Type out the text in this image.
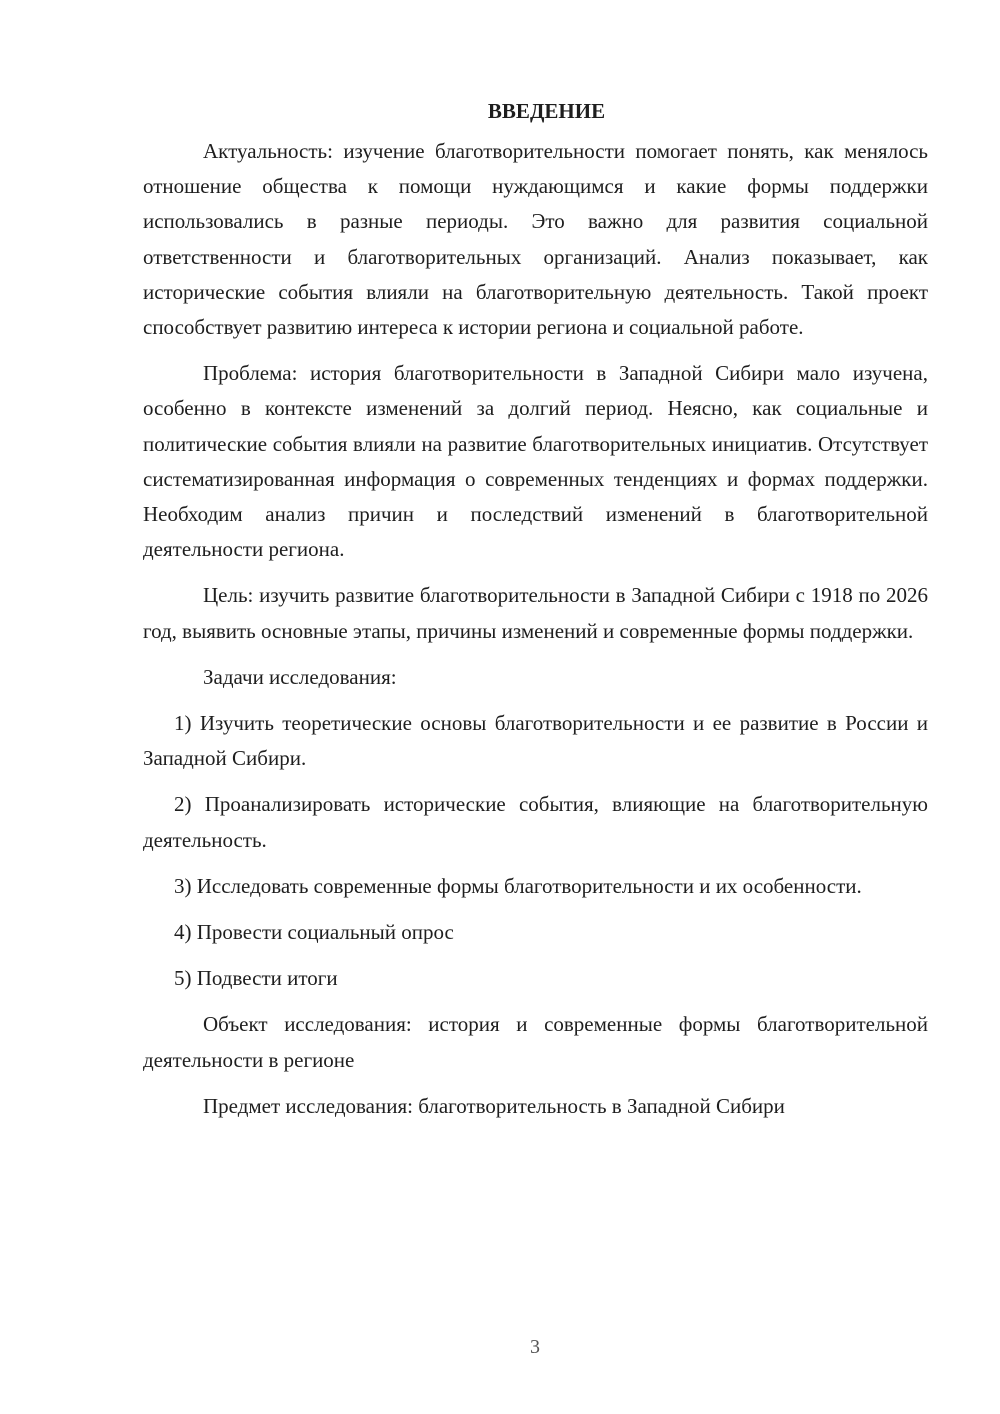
ВВЕДЕНИЕ

Актуальность: изучение благотворительности помогает понять, как менялось отношение общества к помощи нуждающимся и какие формы поддержки использовались в разные периоды. Это важно для развития социальной ответственности и благотворительных организаций. Анализ показывает, как исторические события влияли на благотворительную деятельность. Такой проект способствует развитию интереса к истории региона и социальной работе.

Проблема: история благотворительности в Западной Сибири мало изучена, особенно в контексте изменений за долгий период. Неясно, как социальные и политические события влияли на развитие благотворительных инициатив. Отсутствует систематизированная информация о современных тенденциях и формах поддержки. Необходим анализ причин и последствий изменений в благотворительной деятельности региона.

Цель: изучить развитие благотворительности в Западной Сибири с 1918 по 2026 год, выявить основные этапы, причины изменений и современные формы поддержки.

Задачи исследования:

1) Изучить теоретические основы благотворительности и ее развитие в России и Западной Сибири.

2) Проанализировать исторические события, влияющие на благотворительную деятельность.

3) Исследовать современные формы благотворительности и их особенности.

4) Провести социальный опрос

5) Подвести итоги

Объект исследования: история и современные формы благотворительной деятельности в регионе

Предмет исследования: благотворительность в Западной Сибири

3
